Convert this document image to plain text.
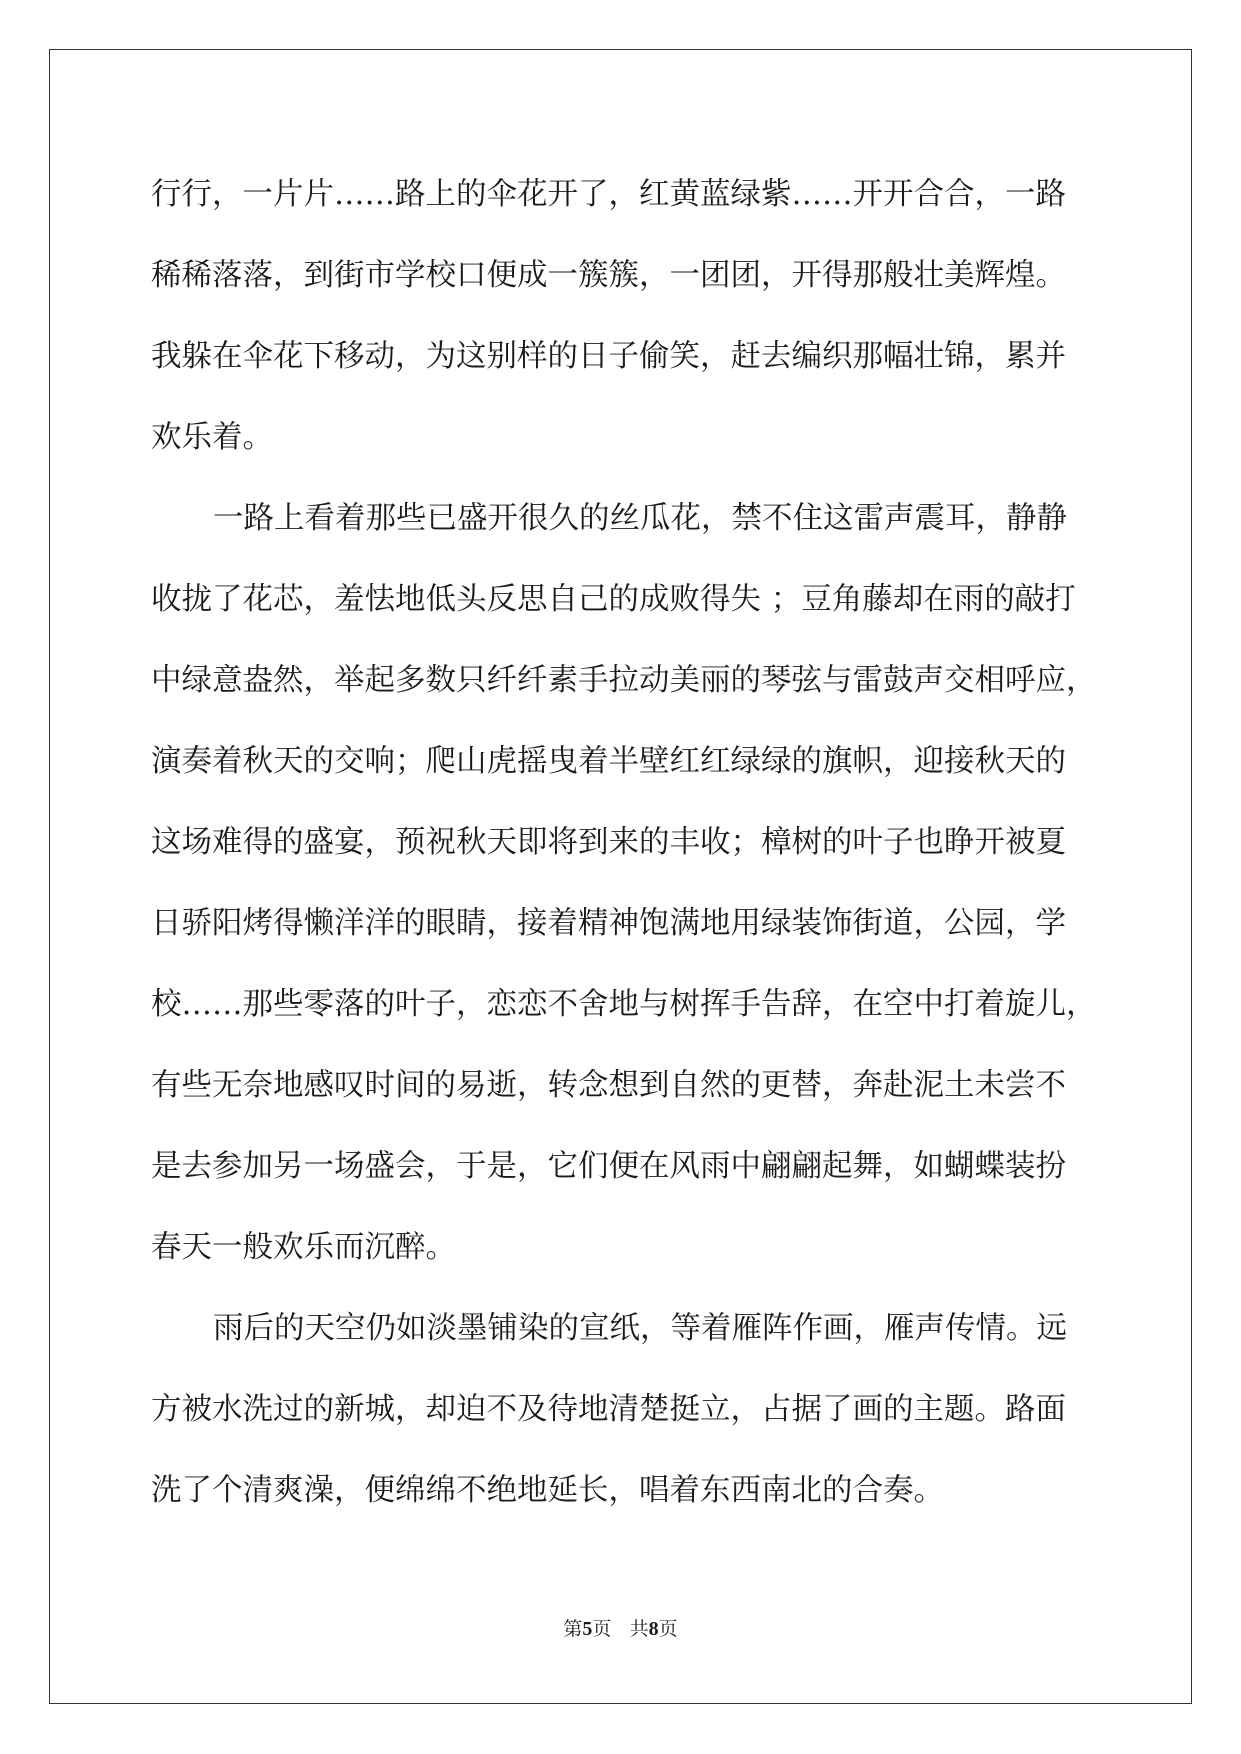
行行，一片片……路上的伞花开了，红黄蓝绿紫……开开合合，一路
稀稀落落，到街市学校口便成一簇簇，一团团，开得那般壮美辉煌。
我躲在伞花下移动，为这别样的日子偷笑，赶去编织那幅壮锦，累并
欢乐着。
一路上看着那些已盛开很久的丝瓜花，禁不住这雷声震耳，静静
收拢了花芯，羞怯地低头反思自己的成败得失 ；豆角藤却在雨的敲打
中绿意盎然，举起多数只纤纤素手拉动美丽的琴弦与雷鼓声交相呼应，
演奏着秋天的交响；爬山虎摇曳着半壁红红绿绿的旗帜，迎接秋天的
这场难得的盛宴，预祝秋天即将到来的丰收；樟树的叶子也睁开被夏
日骄阳烤得懒洋洋的眼睛，接着精神饱满地用绿装饰街道，公园，学
校……那些零落的叶子，恋恋不舍地与树挥手告辞，在空中打着旋儿，
有些无奈地感叹时间的易逝，转念想到自然的更替，奔赴泥土未尝不
是去参加另一场盛会，于是，它们便在风雨中翩翩起舞，如蝴蝶装扮
春天一般欢乐而沉醉。
雨后的天空仍如淡墨铺染的宣纸，等着雁阵作画，雁声传情。远
方被水洗过的新城，却迫不及待地清楚挺立，占据了画的主题。路面
洗了个清爽澡，便绵绵不绝地延长，唱着东西南北的合奏。
第5页 共8页
